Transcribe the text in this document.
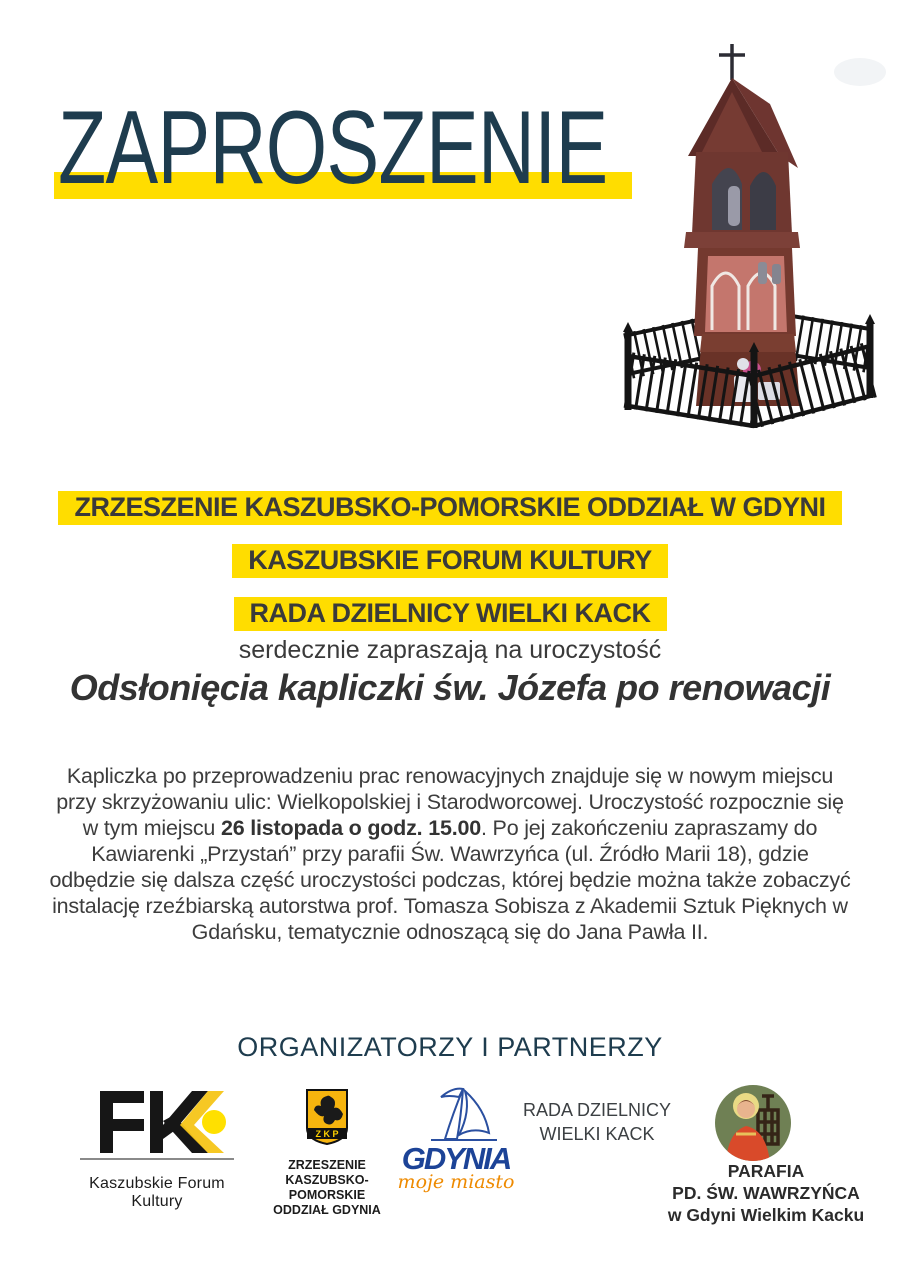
ZAPROSZENIE
ZRZESZENIE KASZUBSKO-POMORSKIE ODDZIAŁ W GDYNI
KASZUBSKIE FORUM KULTURY
RADA DZIELNICY WIELKI KACK
serdecznie zapraszają na uroczystość
Odsłonięcia kapliczki św. Józefa po renowacji
Kapliczka po przeprowadzeniu prac renowacyjnych znajduje się w nowym miejscu przy skrzyżowaniu ulic: Wielkopolskiej i Starodworcowej. Uroczystość rozpocznie się w tym miejscu 26 listopada o godz. 15.00. Po jej zakończeniu zapraszamy do Kawiarenki „Przystań” przy parafii Św. Wawrzyńca (ul. Źródło Marii 18), gdzie odbędzie się dalsza część uroczystości podczas, której będzie można także zobaczyć instalację rzeźbiarską autorstwa prof. Tomasza Sobisza z Akademii Sztuk Pięknych w Gdańsku, tematycznie odnoszącą się do Jana Pawła II.
ORGANIZATORZY I PARTNERZY
Kaszubskie Forum Kultury
Z K P
ZRZESZENIE
KASZUBSKO-POMORSKIE
ODDZIAŁ GDYNIA
GDYNIA
moje miasto
RADA DZIELNICY
WIELKI KACK
PARAFIA
PD. ŚW. WAWRZYŃCA
w Gdyni Wielkim Kacku
